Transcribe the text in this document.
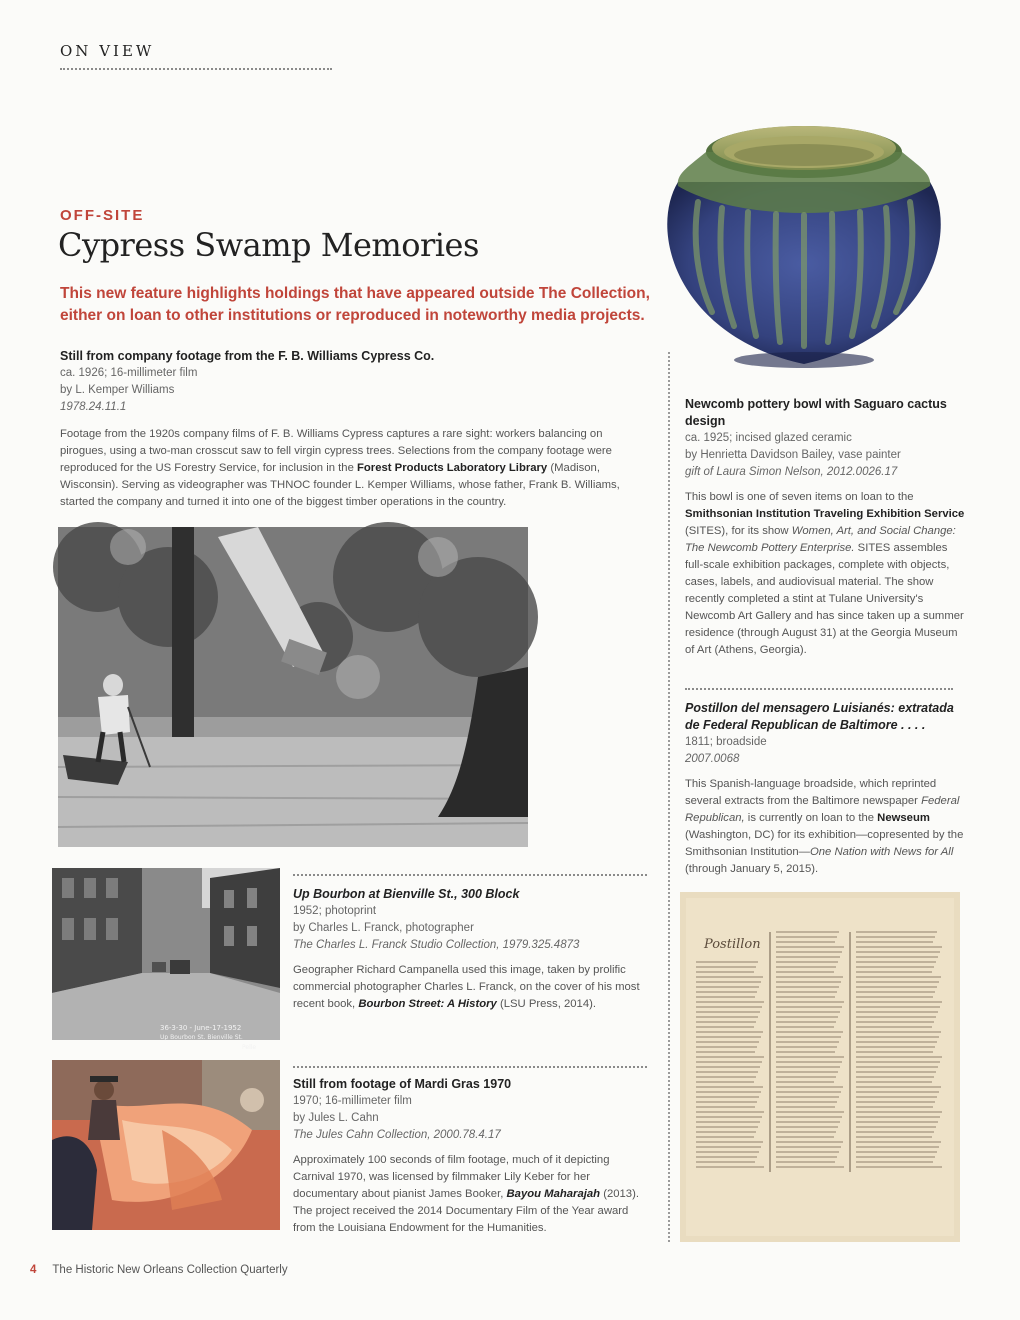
ON VIEW
OFF-SITE
Cypress Swamp Memories
This new feature highlights holdings that have appeared outside The Collection, either on loan to other institutions or reproduced in noteworthy media projects.
Still from company footage from the F. B. Williams Cypress Co.
ca. 1926; 16-millimeter film
by L. Kemper Williams
1978.24.11.1
Footage from the 1920s company films of F. B. Williams Cypress captures a rare sight: workers balancing on pirogues, using a two-man crosscut saw to fell virgin cypress trees. Selections from the company footage were reproduced for the US Forestry Service, for inclusion in the Forest Products Laboratory Library (Madison, Wisconsin). Serving as videographer was THNOC founder L. Kemper Williams, whose father, Frank B. Williams, started the company and turned it into one of the biggest timber operations in the country.
36-3-30 - June-17-1952
Up Bourbon St. Bienville St.
Pelle
Up Bourbon at Bienville St., 300 Block
1952; photoprint
by Charles L. Franck, photographer
The Charles L. Franck Studio Collection, 1979.325.4873
Geographer Richard Campanella used this image, taken by prolific commercial photographer Charles L. Franck, on the cover of his most recent book, Bourbon Street: A History (LSU Press, 2014).
Still from footage of Mardi Gras 1970
1970; 16-millimeter film
by Jules L. Cahn
The Jules Cahn Collection, 2000.78.4.17
Approximately 100 seconds of film footage, much of it depicting Carnival 1970, was licensed by filmmaker Lily Keber for her documentary about pianist James Booker, Bayou Maharajah (2013). The project received the 2014 Documentary Film of the Year award from the Louisiana Endowment for the Humanities.
Newcomb pottery bowl with Saguaro cactus design
ca. 1925; incised glazed ceramic
by Henrietta Davidson Bailey, vase painter
gift of Laura Simon Nelson, 2012.0026.17
This bowl is one of seven items on loan to the Smithsonian Institution Traveling Exhibition Service (SITES), for its show Women, Art, and Social Change: The Newcomb Pottery Enterprise. SITES assembles full-scale exhibition packages, complete with objects, cases, labels, and audiovisual material. The show recently completed a stint at Tulane University's Newcomb Art Gallery and has since taken up a summer residence (through August 31) at the Georgia Museum of Art (Athens, Georgia).
Postillon del mensagero Luisianés: extratada de Federal Republican de Baltimore . . . .
1811; broadside
2007.0068
This Spanish-language broadside, which reprinted several extracts from the Baltimore newspaper Federal Republican, is currently on loan to the Newseum (Washington, DC) for its exhibition—copresented by the Smithsonian Institution—One Nation with News for All (through January 5, 2015).
Postillon
4 The Historic New Orleans Collection Quarterly
